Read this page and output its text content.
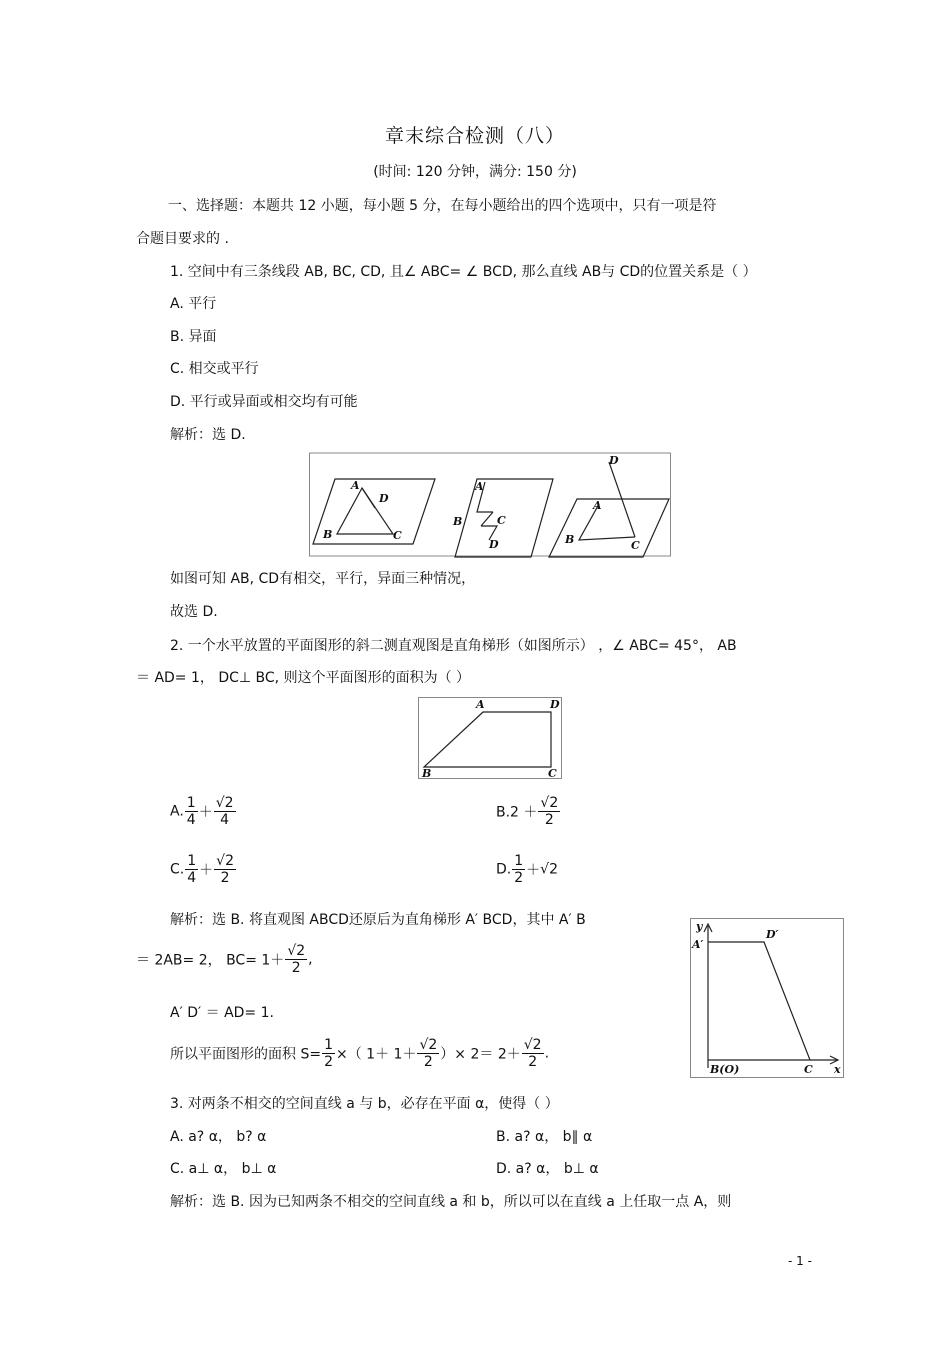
章末综合检测（八）
(时间: 120 分钟，满分: 150 分)
一、选择题：本题共 12 小题，每小题 5 分，在每小题给出的四个选项中，只有一项是符
合题目要求的 .
1. 空间中有三条线段 AB, BC, CD, 且∠ ABC= ∠ BCD, 那么直线 AB与 CD的位置关系是（ ）
A. 平行
B. 异面
C. 相交或平行
D. 平行或异面或相交均有可能
解析：选 D.
A
D
B	C
A
B	C
D
D
A
B	C
如图可知 AB, CD有相交，平行，异面三种情况，
故选 D.
2. 一个水平放置的平面图形的斜二测直观图是直角梯形（如图所示） ，∠ ABC= 45°， AB
＝ AD= 1， DC⊥ BC, 则这个平面图形的面积为（ ）
A	D
B	C
A. $\frac{1}{4} + \frac{√2}{4}$	$B.2 + \frac{√2}{2}$
C. $\frac{1}{4} + \frac{√2}{2}$	D. $\frac{1}{2} +√2$
解析：选 B. 将直观图 ABCD还原后为直角梯形 A′ BCD，其中 A′ B
＝ 2AB= 2， $BC= 1+ \frac{√2}{2}$ ,
A′ D′ ＝ AD= 1.
所以平面图形的面积 $S= \frac{1}{2}$ ×（ $1+ 1+ \frac{√2}{2}$ ）× $2= 2+ \frac{√2}{2}$ .
y
A′
D′
B(O)	C x
3. 对两条不相交的空间直线 a 与 b，必存在平面 α，使得（ ）
A. a? α， b? α	B. a? α， b∥ α
C. a⊥ α， b⊥ α	D. a? α， b⊥ α
解析：选 B. 因为已知两条不相交的空间直线 a 和 b，所以可以在直线 a 上任取一点 A，则
- 1 -
